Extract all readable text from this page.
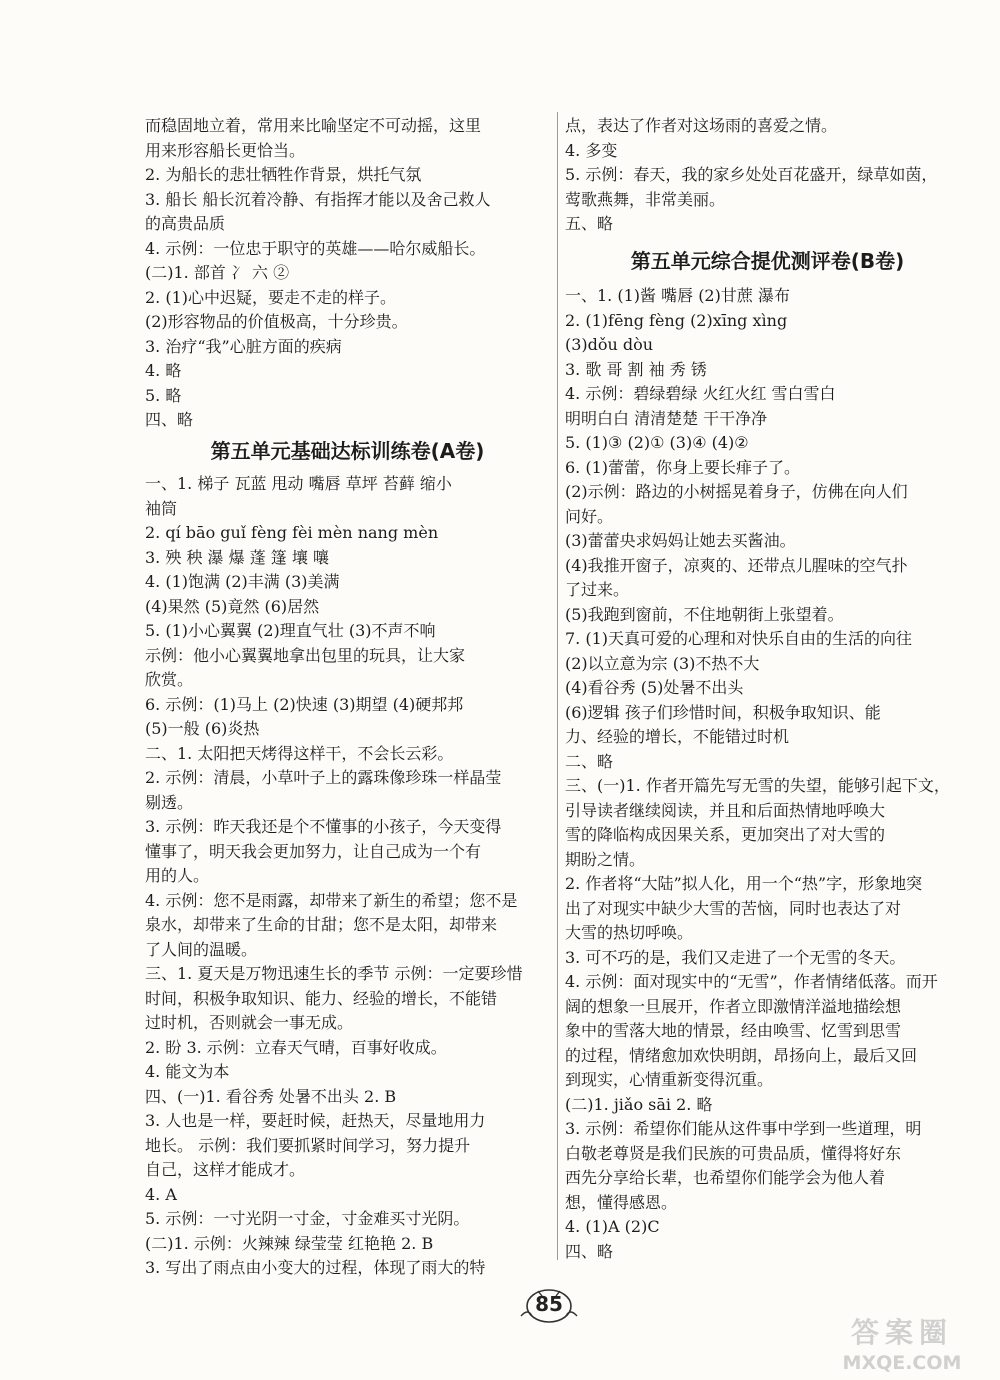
而稳固地立着，常用来比喻坚定不可动摇，这里
用来形容船长更恰当。
2. 为船长的悲壮牺牲作背景，烘托气氛
3. 船长 船长沉着冷静、有指挥才能以及舍己救人
的高贵品质
4. 示例：一位忠于职守的英雄——哈尔威船长。
(二)1. 部首 冫 六 ②
2. (1)心中迟疑，要走不走的样子。
(2)形容物品的价值极高，十分珍贵。
3. 治疗“我”心脏方面的疾病
4. 略
5. 略
四、略
第五单元基础达标训练卷(A卷)
一、1. 梯子 瓦蓝 甩动 嘴唇 草坪 苔藓 缩小
袖筒
2. qí bāo guǐ fèng fèi mèn nang mèn
3. 殃 秧 瀑 爆 蓬 篷 壤 嚷
4. (1)饱满 (2)丰满 (3)美满
(4)果然 (5)竟然 (6)居然
5. (1)小心翼翼 (2)理直气壮 (3)不声不响
示例：他小心翼翼地拿出包里的玩具，让大家
欣赏。
6. 示例：(1)马上 (2)快速 (3)期望 (4)硬邦邦
(5)一般 (6)炎热
二、1. 太阳把天烤得这样干，不会长云彩。
2. 示例：清晨，小草叶子上的露珠像珍珠一样晶莹
剔透。
3. 示例：昨天我还是个不懂事的小孩子，今天变得
懂事了，明天我会更加努力，让自己成为一个有
用的人。
4. 示例：您不是雨露，却带来了新生的希望；您不是
泉水，却带来了生命的甘甜；您不是太阳，却带来
了人间的温暖。
三、1. 夏天是万物迅速生长的季节 示例：一定要珍惜
时间，积极争取知识、能力、经验的增长，不能错
过时机，否则就会一事无成。
2. 盼 3. 示例：立春天气晴，百事好收成。
4. 能文为本
四、(一)1. 看谷秀 处暑不出头 2. B
3. 人也是一样，要赶时候，赶热天，尽量地用力
地长。 示例：我们要抓紧时间学习，努力提升
自己，这样才能成才。
4. A
5. 示例：一寸光阴一寸金，寸金难买寸光阴。
(二)1. 示例：火辣辣 绿莹莹 红艳艳 2. B
3. 写出了雨点由小变大的过程，体现了雨大的特
点，表达了作者对这场雨的喜爱之情。
4. 多变
5. 示例：春天，我的家乡处处百花盛开，绿草如茵，
莺歌燕舞，非常美丽。
五、略
第五单元综合提优测评卷(B卷)
一、1. (1)酱 嘴唇 (2)甘蔗 瀑布
2. (1)fēng fèng (2)xīng xìng
(3)dǒu dòu
3. 歌 哥 割 袖 秀 锈
4. 示例：碧绿碧绿 火红火红 雪白雪白
明明白白 清清楚楚 干干净净
5. (1)③ (2)① (3)④ (4)②
6. (1)蕾蕾，你身上要长痱子了。
(2)示例：路边的小树摇晃着身子，仿佛在向人们
问好。
(3)蕾蕾央求妈妈让她去买酱油。
(4)我推开窗子，凉爽的、还带点儿腥味的空气扑
了过来。
(5)我跑到窗前，不住地朝街上张望着。
7. (1)天真可爱的心理和对快乐自由的生活的向往
(2)以立意为宗 (3)不热不大
(4)看谷秀 (5)处暑不出头
(6)逻辑 孩子们珍惜时间，积极争取知识、能
力、经验的增长，不能错过时机
二、略
三、(一)1. 作者开篇先写无雪的失望，能够引起下文，
引导读者继续阅读，并且和后面热情地呼唤大
雪的降临构成因果关系，更加突出了对大雪的
期盼之情。
2. 作者将“大陆”拟人化，用一个“热”字，形象地突
出了对现实中缺少大雪的苦恼，同时也表达了对
大雪的热切呼唤。
3. 可不巧的是，我们又走进了一个无雪的冬天。
4. 示例：面对现实中的“无雪”，作者情绪低落。而开
阔的想象一旦展开，作者立即激情洋溢地描绘想
象中的雪落大地的情景，经由唤雪、忆雪到思雪
的过程，情绪愈加欢快明朗，昂扬向上，最后又回
到现实，心情重新变得沉重。
(二)1. jiǎo sāi 2. 略
3. 示例：希望你们能从这件事中学到一些道理，明
白敬老尊贤是我们民族的可贵品质，懂得将好东
西先分享给长辈，也希望你们能学会为他人着
想，懂得感恩。
4. (1)A (2)C
四、略
85
答案圈
MXQE.COM
